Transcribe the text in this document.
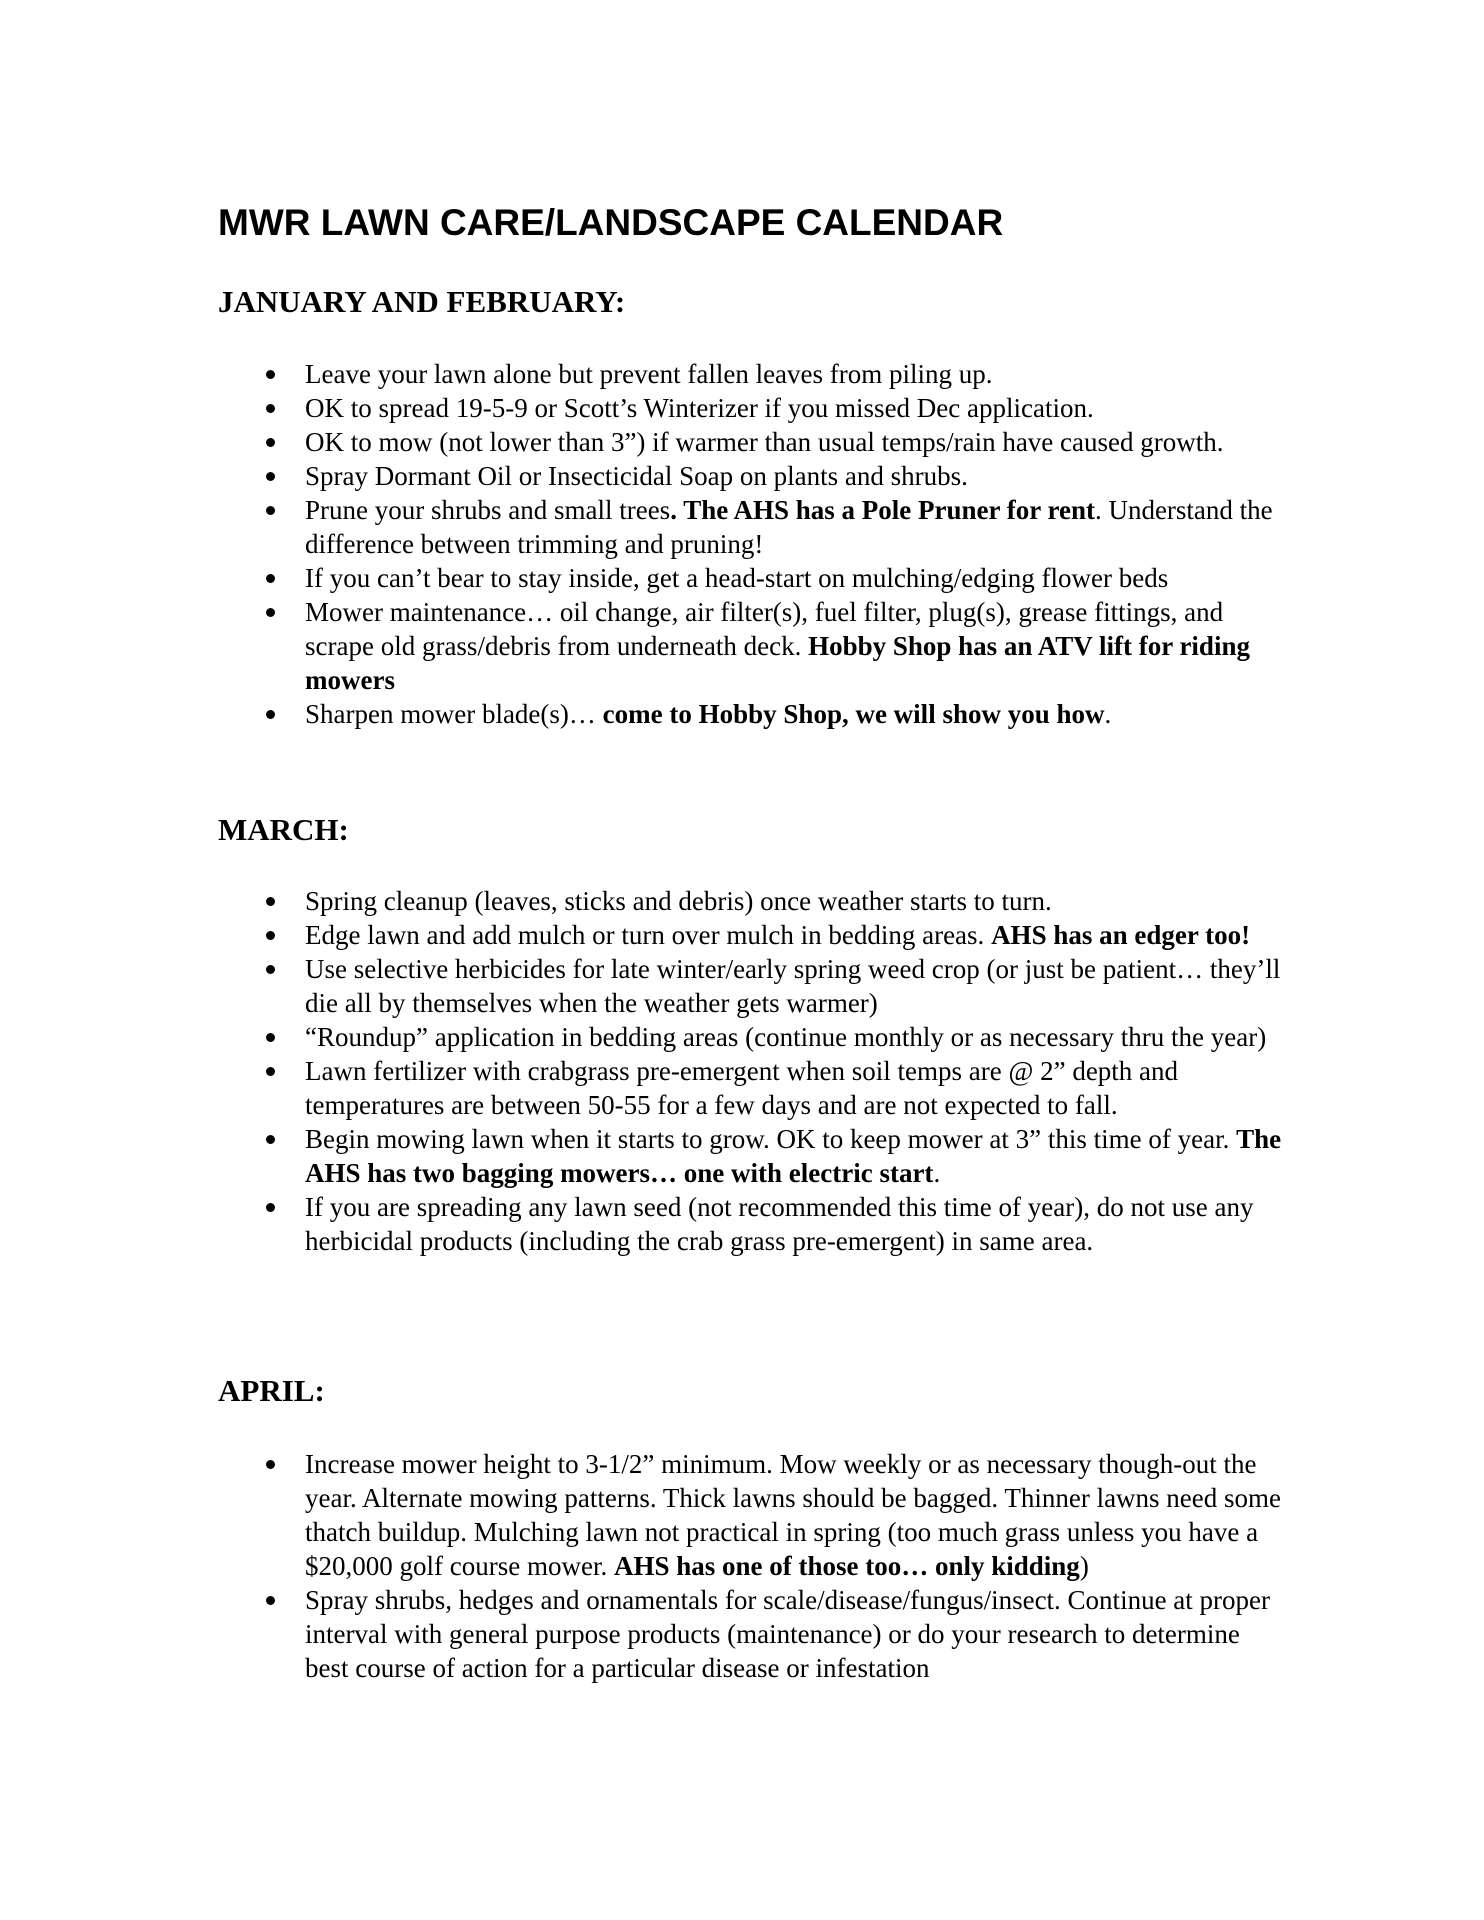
MWR LAWN CARE/LANDSCAPE CALENDAR
JANUARY AND FEBRUARY:
Leave your lawn alone but prevent fallen leaves from piling up.
OK to spread 19-5-9 or Scott’s Winterizer if you missed Dec application.
OK to mow (not lower than 3”) if warmer than usual temps/rain have caused growth.
Spray Dormant Oil or Insecticidal Soap on plants and shrubs.
Prune your shrubs and small trees. The AHS has a Pole Pruner for rent. Understand the difference between trimming and pruning!
If you can’t bear to stay inside, get a head-start on mulching/edging flower beds
Mower maintenance… oil change, air filter(s), fuel filter, plug(s), grease fittings, and scrape old grass/debris from underneath deck. Hobby Shop has an ATV lift for riding mowers
Sharpen mower blade(s)… come to Hobby Shop, we will show you how.
MARCH:
Spring cleanup (leaves, sticks and debris) once weather starts to turn.
Edge lawn and add mulch or turn over mulch in bedding areas. AHS has an edger too!
Use selective herbicides for late winter/early spring weed crop (or just be patient… they’ll die all by themselves when the weather gets warmer)
“Roundup” application in bedding areas (continue monthly or as necessary thru the year)
Lawn fertilizer with crabgrass pre-emergent when soil temps are @ 2” depth and temperatures are between 50-55 for a few days and are not expected to fall.
Begin mowing lawn when it starts to grow. OK to keep mower at 3” this time of year. The AHS has two bagging mowers… one with electric start.
If you are spreading any lawn seed (not recommended this time of year), do not use any herbicidal products (including the crab grass pre-emergent) in same area.
APRIL:
Increase mower height to 3-1/2” minimum. Mow weekly or as necessary though-out the year. Alternate mowing patterns. Thick lawns should be bagged. Thinner lawns need some thatch buildup. Mulching lawn not practical in spring (too much grass unless you have a $20,000 golf course mower. AHS has one of those too… only kidding)
Spray shrubs, hedges and ornamentals for scale/disease/fungus/insect. Continue at proper interval with general purpose products (maintenance) or do your research to determine best course of action for a particular disease or infestation
